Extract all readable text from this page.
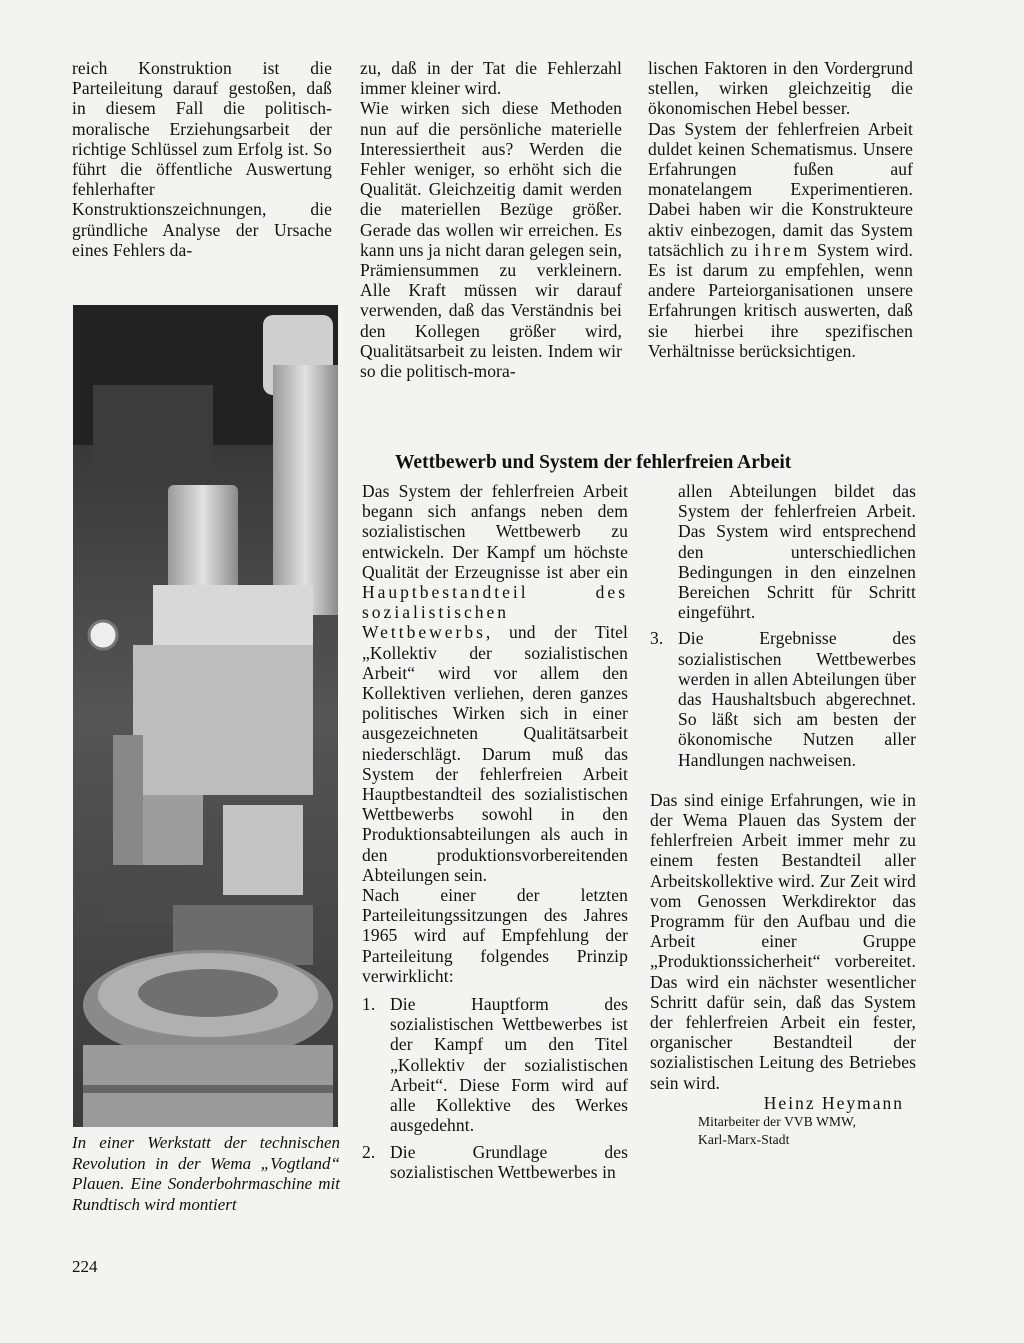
reich Konstruktion ist die Parteileitung darauf gestoßen, daß in diesem Fall die politisch-moralische Erziehungsarbeit der richtige Schlüssel zum Erfolg ist. So führt die öffentliche Auswertung fehlerhafter Konstruktionszeichnungen, die gründliche Analyse der Ursache eines Fehlers da-

zu, daß in der Tat die Fehlerzahl immer kleiner wird.

Wie wirken sich diese Methoden nun auf die persönliche materielle Interessiertheit aus? Werden die Fehler weniger, so erhöht sich die Qualität. Gleichzeitig damit werden die materiellen Bezüge größer. Gerade das wollen wir erreichen. Es kann uns ja nicht daran gelegen sein, Prämiensummen zu verkleinern. Alle Kraft müssen wir darauf verwenden, daß das Verständnis bei den Kollegen größer wird, Qualitätsarbeit zu leisten. Indem wir so die politisch-mora-

lischen Faktoren in den Vordergrund stellen, wirken gleichzeitig die ökonomischen Hebel besser.

Das System der fehlerfreien Arbeit duldet keinen Schematismus. Unsere Erfahrungen fußen auf monatelangem Experimentieren. Dabei haben wir die Konstrukteure aktiv einbezogen, damit das System tatsächlich zu ihrem System wird. Es ist darum zu empfehlen, wenn andere Parteiorganisationen unsere Erfahrungen kritisch auswerten, daß sie hierbei ihre spezifischen Verhältnisse berücksichtigen.

Wettbewerb und System der fehlerfreien Arbeit
In einer Werkstatt der technischen Revolution in der Wema „Vogtland“ Plauen. Eine Sonderbohrmaschine mit Rundtisch wird montiert

Das System der fehlerfreien Arbeit begann sich anfangs neben dem sozialistischen Wettbewerb zu entwickeln. Der Kampf um höchste Qualität der Erzeugnisse ist aber ein Hauptbestandteil des sozialistischen Wettbewerbs, und der Titel „Kollektiv der sozialistischen Arbeit“ wird vor allem den Kollektiven verliehen, deren ganzes politisches Wirken sich in einer ausgezeichneten Qualitätsarbeit niederschlägt. Darum muß das System der fehlerfreien Arbeit Hauptbestandteil des sozialistischen Wettbewerbs sowohl in den Produktionsabteilungen als auch in den produktionsvorbereitenden Abteilungen sein.

Nach einer der letzten Parteileitungssitzungen des Jahres 1965 wird auf Empfehlung der Parteileitung folgendes Prinzip verwirklicht:

1. Die Hauptform des sozialistischen Wettbewerbes ist der Kampf um den Titel „Kollektiv der sozialistischen Arbeit“. Diese Form wird auf alle Kollektive des Werkes ausgedehnt.
2. Die Grundlage des sozialistischen Wettbewerbes in
allen Abteilungen bildet das System der fehlerfreien Arbeit. Das System wird entsprechend den unterschiedlichen Bedingungen in den einzelnen Bereichen Schritt für Schritt eingeführt.
3. Die Ergebnisse des sozialistischen Wettbewerbes werden in allen Abteilungen über das Haushaltsbuch abgerechnet. So läßt sich am besten der ökonomische Nutzen aller Handlungen nachweisen.

Das sind einige Erfahrungen, wie in der Wema Plauen das System der fehlerfreien Arbeit immer mehr zu einem festen Bestandteil aller Arbeitskollektive wird. Zur Zeit wird vom Genossen Werkdirektor das Programm für den Aufbau und die Arbeit einer Gruppe „Produktionssicherheit“ vorbereitet. Das wird ein nächster wesentlicher Schritt dafür sein, daß das System der fehlerfreien Arbeit ein fester, organischer Bestandteil der sozialistischen Leitung des Betriebes sein wird.

Heinz Heymann

Mitarbeiter der VVB WMW,
Karl-Marx-Stadt
224
